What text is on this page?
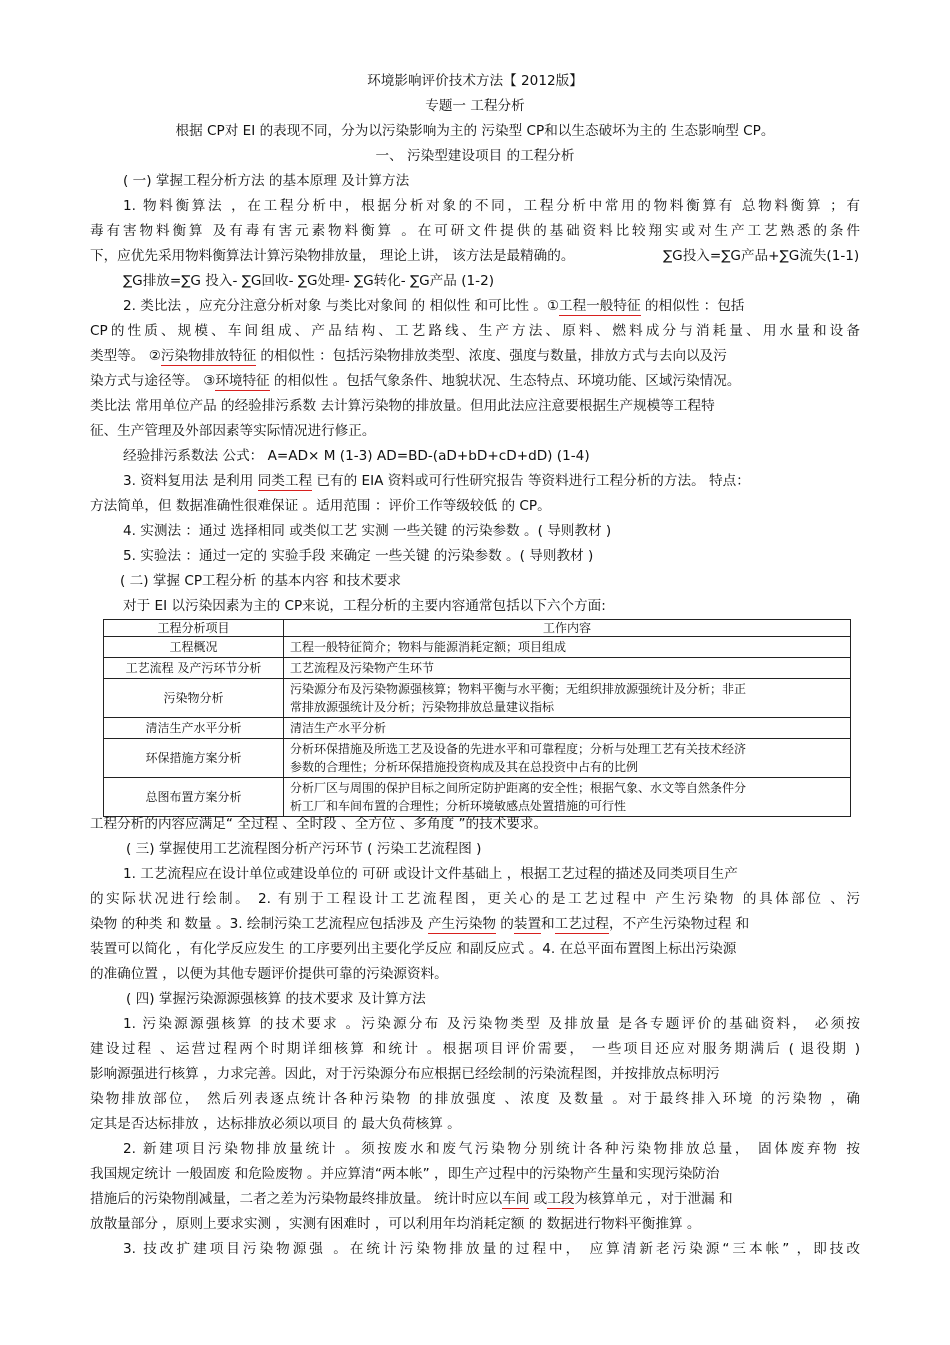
环境影响评价技术方法【 2012版】
专题一 工程分析
根据 CP对 EI 的表现不同，分为以污染影响为主的 污染型 CP和以生态破坏为主的 生态影响型 CP。
一、 污染型建设项目 的工程分析
( 一) 掌握工程分析方法 的基本原理 及计算方法
1. 物料衡算法 ，在工程分析中，根据分析对象的不同，工程分析中常用的物料衡算有 总物料衡算 ；有
毒有害物料衡算 及有毒有害元素物料衡算 。在可研文件提供的基础资料比较翔实或对生产工艺熟悉的条件
下，应优先采用物料衡算法计算污染物排放量， 理论上讲， 该方法是最精确的。	∑G投入=∑G产品+∑G流失(1-1)
∑G排放=∑G 投入- ∑G回收- ∑G处理- ∑G转化- ∑G产品 (1-2)
2. 类比法 ，应充分注意分析对象 与类比对象间 的 相似性 和可比性 。①工程一般特征 的相似性 ：包括
CP的性质、规模、车间组成、产品结构、工艺路线、生产方法、原料、燃料成分与消耗量、用水量和设备
类型等。 ②污染物排放特征 的相似性 ：包括污染物排放类型、浓度、强度与数量，排放方式与去向以及污
染方式与途径等。 ③环境特征 的相似性 。包括气象条件、地貌状况、生态特点、环境功能、区域污染情况。
类比法 常用单位产品 的经验排污系数 去计算污染物的排放量。但用此法应注意要根据生产规模等工程特
征、生产管理及外部因素等实际情况进行修正。
经验排污系数法 公式： A=AD× M (1-3) AD=BD-(aD+bD+cD+dD) (1-4)
3. 资料复用法 是利用 同类工程 已有的 EIA 资料或可行性研究报告 等资料进行工程分析的方法。 特点：
方法简单，但 数据准确性很难保证 。适用范围 ：评价工作等级较低 的 CP。
4. 实测法 ：通过 选择相同 或类似工艺 实测 一些关键 的污染参数 。( 导则教材 )
5. 实验法 ：通过一定的 实验手段 来确定 一些关键 的污染参数 。( 导则教材 )
( 二) 掌握 CP工程分析 的基本内容 和技术要求
对于 EI 以污染因素为主的 CP来说，工程分析的主要内容通常包括以下六个方面:
工程分析项目	工作内容
工程概况	工程一般特征简介；物料与能源消耗定额；项目组成
工艺流程 及产污环节分析	工艺流程及污染物产生环节
污染物分析	污染源分布及污染物源强核算；物料平衡与水平衡；无组织排放源强统计及分析；非正
常排放源强统计及分析；污染物排放总量建议指标

清洁生产水平分析	清洁生产水平分析
环保措施方案分析	分析环保措施及所选工艺及设备的先进水平和可靠程度；分析与处理工艺有关技术经济
参数的合理性；分析环保措施投资构成及其在总投资中占有的比例

总图布置方案分析	分析厂区与周围的保护目标之间所定防护距离的安全性；根据气象、水文等自然条件分
析工厂和车间布置的合理性；分析环境敏感点处置措施的可行性
工程分析的内容应满足“ 全过程 、全时段 、全方位 、多角度 ”的技术要求。
( 三) 掌握使用工艺流程图分析产污环节 ( 污染工艺流程图 )
1. 工艺流程应在设计单位或建设单位的 可研 或设计文件基础上 ，根据工艺过程的描述及同类项目生产
的实际状况进行绘制。 2. 有别于工程设计工艺流程图，更关心的是工艺过程中 产生污染物 的具体部位 、污
染物 的种类 和 数量 。3. 绘制污染工艺流程应包括涉及 产生污染物 的装置和工艺过程，不产生污染物过程 和
装置可以简化 ，有化学反应发生 的工序要列出主要化学反应 和副反应式 。4. 在总平面布置图上标出污染源
的准确位置 ，以便为其他专题评价提供可靠的污染源资料。
( 四) 掌握污染源源强核算 的技术要求 及计算方法
1. 污染源源强核算 的技术要求 。污染源分布 及污染物类型 及排放量 是各专题评价的基础资料， 必须按
建设过程 、运营过程两个时期详细核算 和统计 。根据项目评价需要， 一些项目还应对服务期满后 ( 退役期 )
影响源强进行核算 ，力求完善。因此，对于污染源分布应根据已经绘制的污染流程图，并按排放点标明污
染物排放部位， 然后列表逐点统计各种污染物 的排放强度 、浓度 及数量 。对于最终排入环境 的污染物 ，确
定其是否达标排放 ，达标排放必须以项目 的 最大负荷核算 。
2. 新建项目污染物排放量统计 。须按废水和废气污染物分别统计各种污染物排放总量， 固体废弃物 按
我国规定统计 一般固废 和危险废物 。并应算清“两本帐” ，即生产过程中的污染物产生量和实现污染防治
措施后的污染物削减量，二者之差为污染物最终排放量。 统计时应以车间 或工段为核算单元 ，对于泄漏 和
放散量部分 ，原则上要求实测 ，实测有困难时 ，可以利用年均消耗定额 的 数据进行物料平衡推算 。
3. 技改扩建项目污染物源强 。在统计污染物排放量的过程中， 应算清新老污染源“三本帐” ，即技改
